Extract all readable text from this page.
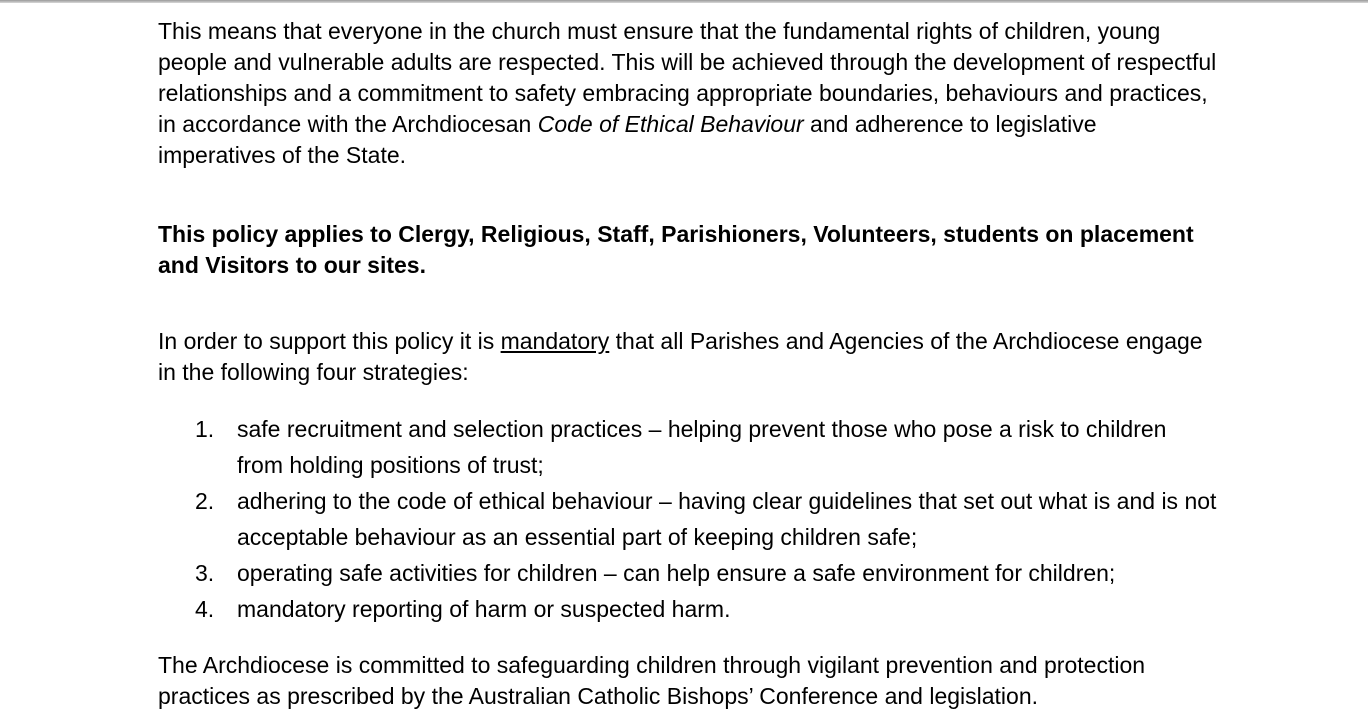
This means that everyone in the church must ensure that the fundamental rights of children, young people and vulnerable adults are respected. This will be achieved through the development of respectful relationships and a commitment to safety embracing appropriate boundaries, behaviours and practices, in accordance with the Archdiocesan Code of Ethical Behaviour and adherence to legislative imperatives of the State.

This policy applies to Clergy, Religious, Staff, Parishioners, Volunteers, students on placement and Visitors to our sites.

In order to support this policy it is mandatory that all Parishes and Agencies of the Archdiocese engage in the following four strategies:

1. safe recruitment and selection practices – helping prevent those who pose a risk to children from holding positions of trust;
2. adhering to the code of ethical behaviour – having clear guidelines that set out what is and is not acceptable behaviour as an essential part of keeping children safe;
3. operating safe activities for children – can help ensure a safe environment for children;
4. mandatory reporting of harm or suspected harm.

The Archdiocese is committed to safeguarding children through vigilant prevention and protection practices as prescribed by the Australian Catholic Bishops’ Conference and legislation.
